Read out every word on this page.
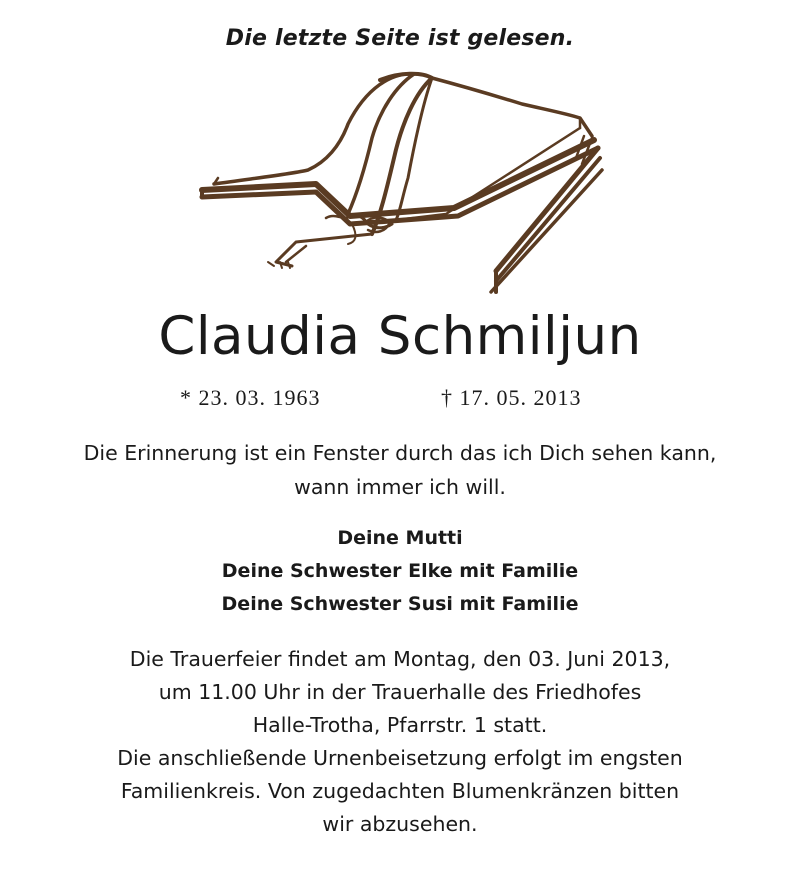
Die letzte Seite ist gelesen.
Claudia Schmiljun
* 23. 03. 1963	† 17. 05. 2013
Die Erinnerung ist ein Fenster durch das ich Dich sehen kann,
wann immer ich will.
Deine Mutti
Deine Schwester Elke mit Familie
Deine Schwester Susi mit Familie
Die Trauerfeier findet am Montag, den 03. Juni 2013,
um 11.00 Uhr in der Trauerhalle des Friedhofes
Halle-Trotha, Pfarrstr. 1 statt.
Die anschließende Urnenbeisetzung erfolgt im engsten
Familienkreis. Von zugedachten Blumenkränzen bitten
wir abzusehen.
